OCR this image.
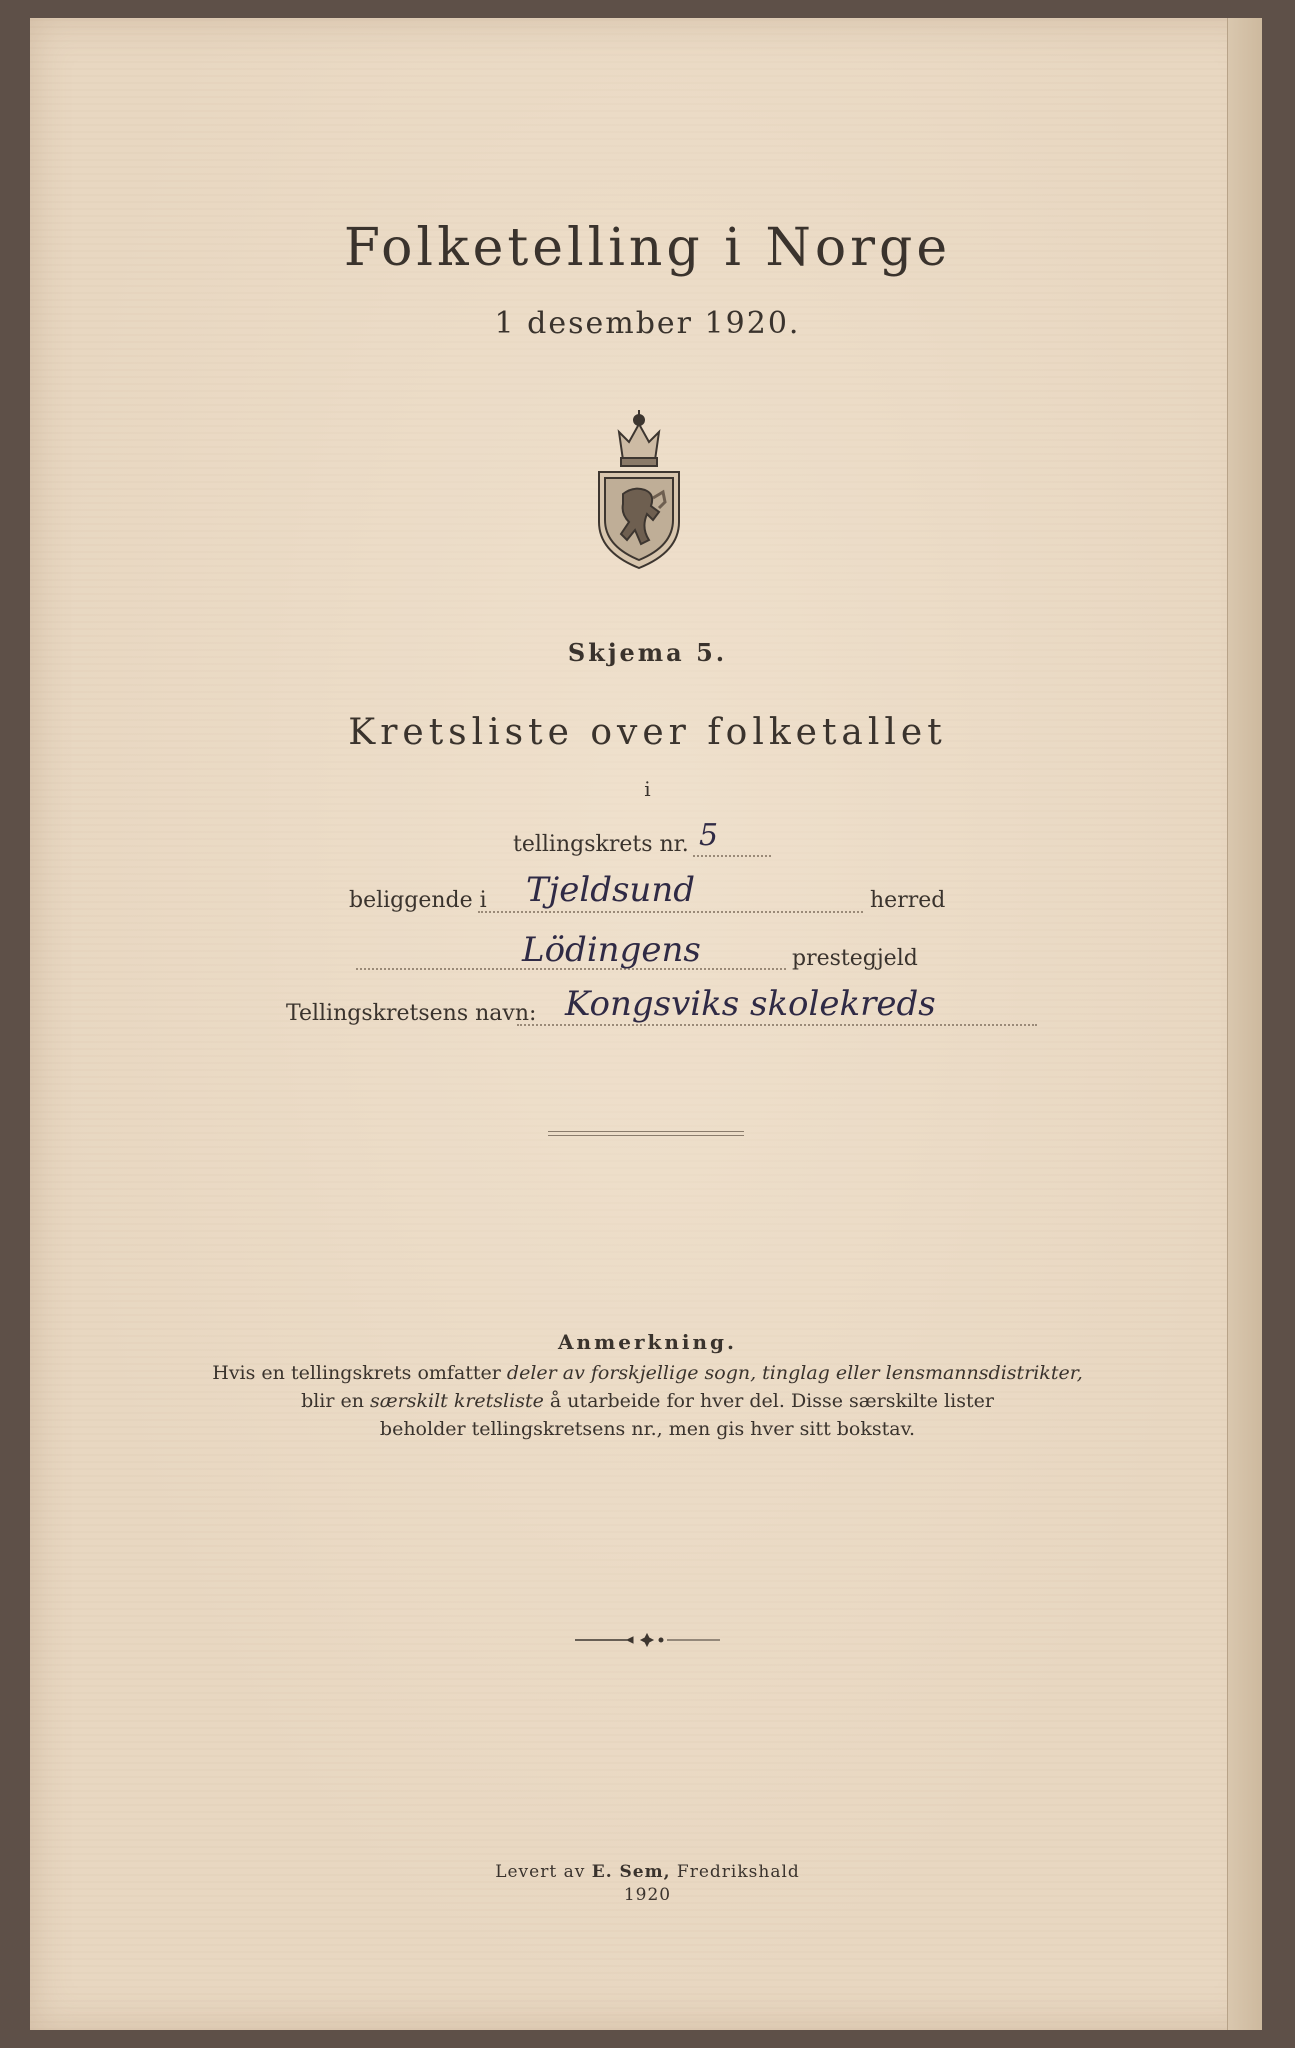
Folketelling i Norge
1 desember 1920.
Skjema 5.
Kretsliste over folketallet
i
tellingskrets nr. 5
beliggende i Tjeldsund	herred
Lödingens	prestegjeld
Tellingskretsens navn: Kongsviks skolekreds
Anmerkning.
Hvis en tellingskrets omfatter deler av forskjellige sogn, tinglag eller lensmannsdistrikter,
blir en særskilt kretsliste å utarbeide for hver del. Disse særskilte lister
beholder tellingskretsens nr., men gis hver sitt bokstav.
Levert av E. Sem, Fredrikshald
1920
